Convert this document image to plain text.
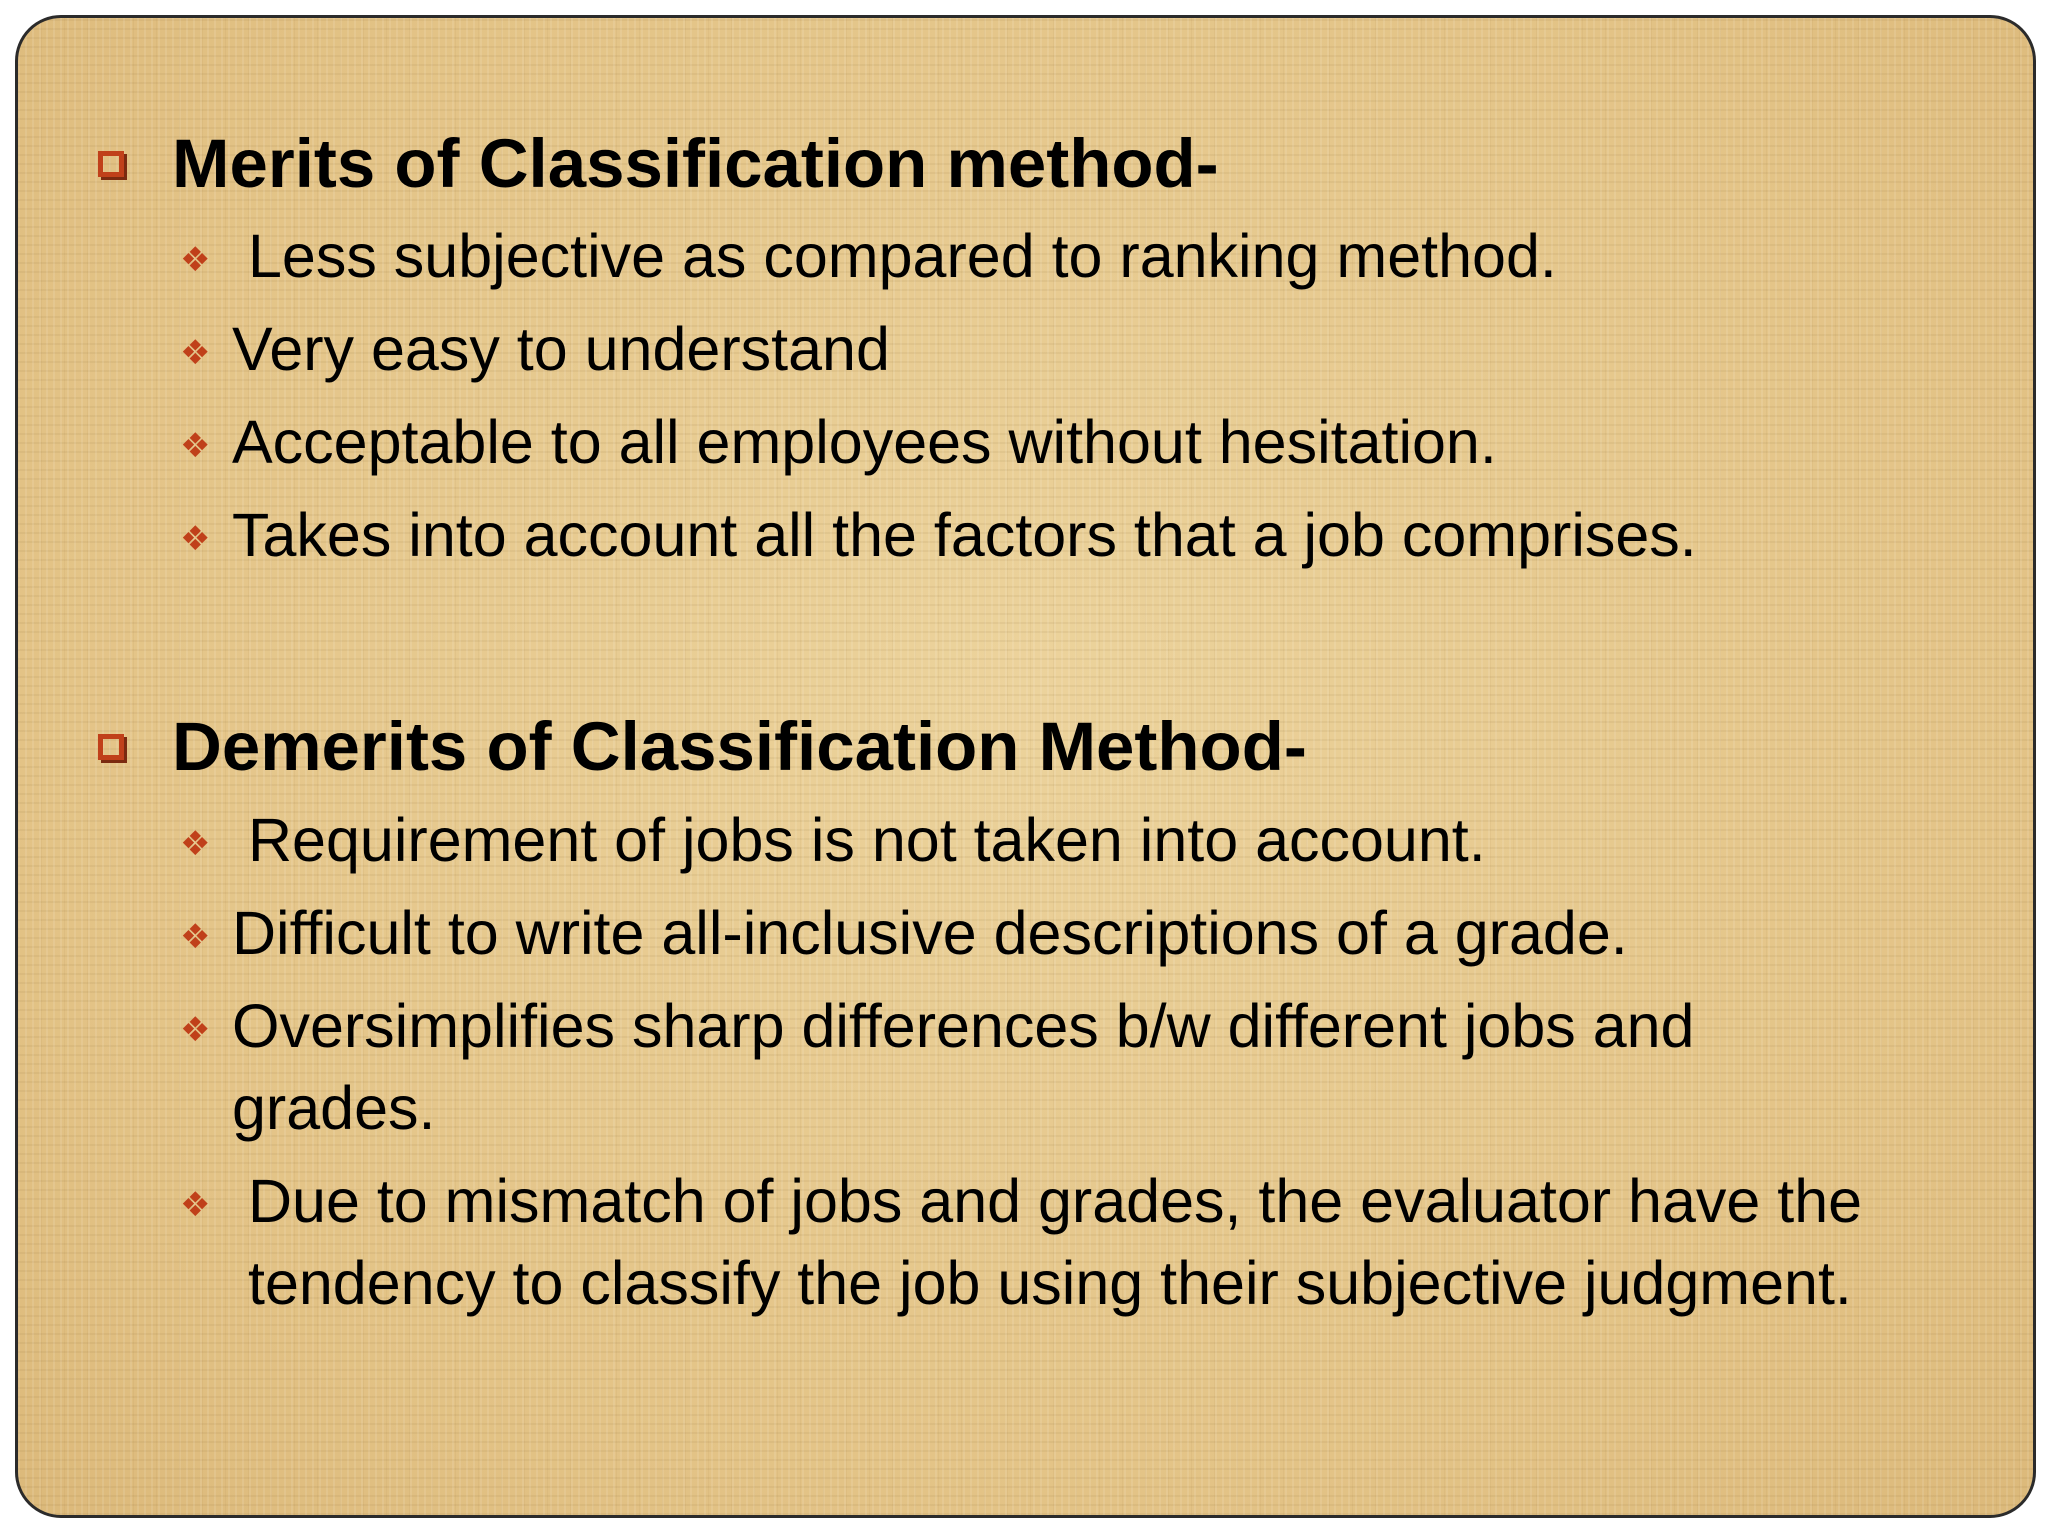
Merits of Classification method-
❖ Less subjective as compared to ranking method.
❖ Very easy to understand
❖ Acceptable to all employees without hesitation.
❖ Takes into account all the factors that a job comprises.
Demerits of Classification Method-
❖ Requirement of jobs is not taken into account.
❖ Difficult to write all-inclusive descriptions of a grade.
❖ Oversimplifies sharp differences b/w different jobs and grades.
❖ Due to mismatch of jobs and grades, the evaluator have the tendency to classify the job using their subjective judgment.
